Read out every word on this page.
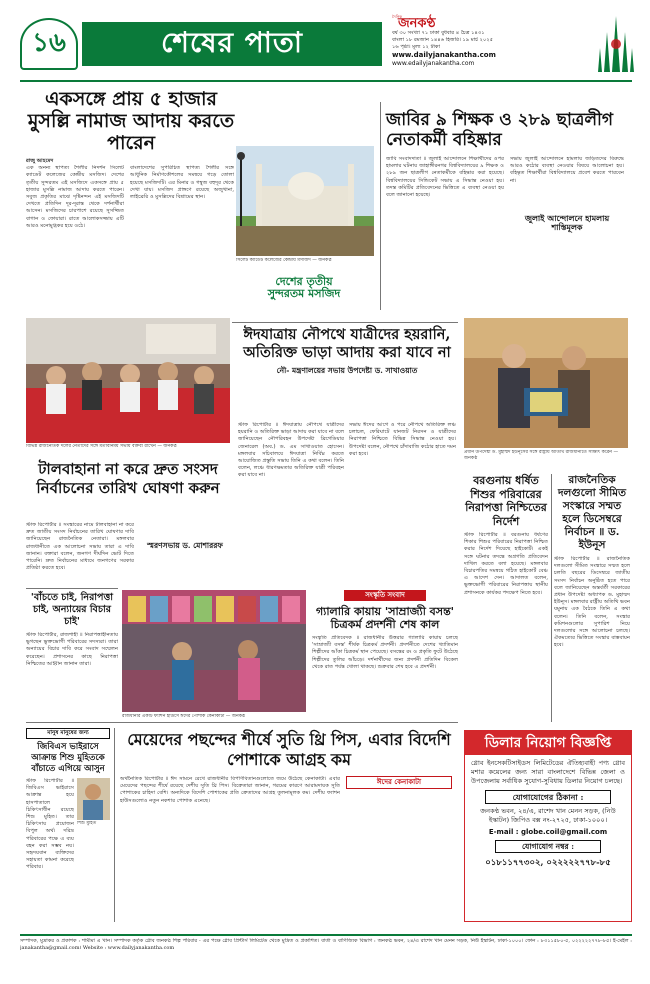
১৬	শেষের পাতা
দৈনিক
জনকণ্ঠ
বর্ষ ৩০ সংখ্যা ৭১ ঢাকা বুধবার ৪ চৈত্র ১৪৩১
বাংলা ১৮ রমজান ১৪৪৬ হিজরি। ১৯ মার্চ ২০২৫
১৬ পৃষ্ঠা। মূল্য ১২ টাকা
www.dailyjanakantha.com
www.edailyjanakantha.com
একসঙ্গে প্রায় ৫ হাজার মুসল্লি নামাজ আদায় করতে পারেন
রাজু আহমেদ
এক অনন্য স্থাপত্য শৈলীর নিদর্শন সিলেট ক্যাডেট কলেজের কেন্দ্রীয় মসজিদ। দেশের তৃতীয় সুন্দরতম এই মসজিদে একসঙ্গে প্রায় ৫ হাজার মুসল্লি নামাজ আদায় করতে পারেন। সবুজ প্রকৃতির মাঝে দৃষ্টিনন্দন এই মসজিদটি দেখতে প্রতিদিন দূর-দূরান্ত থেকে দর্শনার্থীরা আসেন। মসজিদের চারপাশে রয়েছে সুসজ্জিত বাগান ও ফোয়ারা। রাতে আলোকসজ্জায় এটি আরও মনোমুগ্ধকর হয়ে ওঠে।
বাংলাদেশের সুপরিচিত স্থাপত্য শৈলীর সঙ্গে আধুনিক নির্মাণকৌশলের সমন্বয়ে গড়ে তোলা হয়েছে মসজিদটি। এর মিনার ও গম্বুজ বহুদূর থেকে দেখা যায়। মসজিদ প্রাঙ্গণে রয়েছে অজুখানা, লাইব্রেরি ও মুসল্লিদের বিশ্রামের স্থান।
সিলেট ক্যাডেট কলেজের কেন্দ্রীয় মসজিদ — জনকণ্ঠ
দেশের তৃতীয়
সুন্দরতম মসজিদ
জাবির ৯ শিক্ষক ও ২৮৯ ছাত্রলীগ নেতাকর্মী বহিষ্কার
জাবি সংবাদদাতা ॥ জুলাই আন্দোলনে শিক্ষার্থীদের ওপর হামলার ঘটনায় জাহাঙ্গীরনগর বিশ্ববিদ্যালয়ের ৯ শিক্ষক ও ২৮৯ জন ছাত্রলীগ নেতাকর্মীকে বহিষ্কার করা হয়েছে। বিশ্ববিদ্যালয়ের সিন্ডিকেট সভায় এ সিদ্ধান্ত নেওয়া হয়। তদন্ত কমিটির প্রতিবেদনের ভিত্তিতে এ ব্যবস্থা নেওয়া হয় বলে জানানো হয়েছে।
সভায় জুলাই আন্দোলনে হামলায় জড়িতদের বিরুদ্ধে আরও কঠোর ব্যবস্থা নেওয়ার বিষয়ে আলোচনা হয়। বহিষ্কৃত শিক্ষার্থীরা বিশ্ববিদ্যালয়ে প্রবেশ করতে পারবেন না।
জুলাই আন্দোলনে হামলায় শাস্তিমূলক
ঈদযাত্রায় নৌপথে যাত্রীদের হয়রানি, অতিরিক্ত ভাড়া আদায় করা যাবে না
নৌ- মন্ত্রণালয়ের সভায় উপদেষ্টা ড. সাখাওয়াত
স্টাফ রিপোর্টার ॥ ঈদযাত্রায় নৌপথে যাত্রীদের হয়রানি ও অতিরিক্ত ভাড়া আদায় করা যাবে না বলে জানিয়েছেন নৌপরিবহন উপদেষ্টা ব্রিগেডিয়ার জেনারেল (অব.) ড. এম সাখাওয়াত হোসেন। মঙ্গলবার সচিবালয়ে ঈদযাত্রা নির্বিঘ্ন করতে আয়োজিত প্রস্তুতি সভায় তিনি এ কথা বলেন। তিনি বলেন, লঞ্চে ধারণক্ষমতার অতিরিক্ত যাত্রী পরিবহন করা যাবে না।
সভায় ঈদের আগে ও পরে নৌপথে অতিরিক্ত লঞ্চ চলাচল, ফেরিঘাটে যানজট নিরসন ও যাত্রীদের নিরাপত্তা নিশ্চিতে বিভিন্ন সিদ্ধান্ত নেওয়া হয়। উপদেষ্টা বলেন, নৌপথে চাঁদাবাজি কঠোর হাতে দমন করা হবে।
বিভিন্ন রাজনৈতিক দলের নেতাদের সঙ্গে মতবিনিময় সভায় বক্তব্য রাখেন — জনকণ্ঠ
টালবাহানা না করে দ্রুত সংসদ নির্বাচনের তারিখ ঘোষণা করুন
স্টাফ রিপোর্টার ॥ সংস্কারের নামে টালবাহানা না করে দ্রুত জাতীয় সংসদ নির্বাচনের তারিখ ঘোষণার দাবি জানিয়েছেন রাজনৈতিক নেতারা। মঙ্গলবার রাজধানীতে এক আলোচনা সভায় তারা এ দাবি জানান। বক্তারা বলেন, জনগণ দীর্ঘদিন ভোট দিতে পারেনি। দ্রুত নির্বাচনের মাধ্যমে জনগণের সরকার প্রতিষ্ঠা করতে হবে।
স্মরণসভায় ড. মোশাররফ
'বাঁচতে চাই, নিরাপত্তা চাই, অন্যায়ের বিচার চাই'
স্টাফ রিপোর্টার, রাজশাহী ॥ নিরাপত্তাহীনতায় ভুগছেন ভুক্তভোগী পরিবারের সদস্যরা। তারা অন্যায়ের বিচার দাবি করে সংবাদ সম্মেলন করেছেন। প্রশাসনের কাছে নিরাপত্তা নিশ্চিতের আহ্বান জানান তারা।
রাজধানীর একটি ফ্যাশন হাউসে ঈদের পোশাক কেনাকাটা — জনকণ্ঠ
সংস্কৃতি সংবাদ
গ্যালারি কায়ায় 'সাম্রাজ্যী বসন্ত' চিত্রকর্ম প্রদর্শনী শেষ কাল
সংস্কৃতি প্রতিবেদক ॥ রাজধানীর উত্তরার গ্যালারি কায়ায় চলছে 'সাম্রাজ্যী বসন্ত' শীর্ষক চিত্রকর্ম প্রদর্শনী। প্রদর্শনীতে দেশের খ্যাতিমান শিল্পীদের আঁকা চিত্রকর্ম স্থান পেয়েছে। বসন্তের রং ও প্রকৃতি ফুটে উঠেছে শিল্পীদের তুলির আঁচড়ে। দর্শনার্থীদের জন্য প্রদর্শনী প্রতিদিন বিকেল থেকে রাত পর্যন্ত খোলা থাকছে। শুক্রবার শেষ হবে এ প্রদর্শনী।
প্রধান উপদেষ্টা ড. মুহাম্মদ ইউনূসের সঙ্গে রাষ্ট্রীয় অতিথি রাজধানীতে সাক্ষাৎ করেন — জনকণ্ঠ
বরগুনায় ধর্ষিত শিশুর পরিবারের নিরাপত্তা নিশ্চিতের নির্দেশ
স্টাফ রিপোর্টার ॥ বরগুনায় ধর্ষণের শিকার শিশুর পরিবারের নিরাপত্তা নিশ্চিত করার নির্দেশ দিয়েছে হাইকোর্ট। একই সঙ্গে ঘটনার তদন্তে অগ্রগতি প্রতিবেদন দাখিল করতে বলা হয়েছে। মঙ্গলবার বিচারপতির সমন্বয়ে গঠিত হাইকোর্ট বেঞ্চ এ আদেশ দেন। আদালত বলেন, ভুক্তভোগী পরিবারের নিরাপত্তায় স্থানীয় প্রশাসনকে কার্যকর পদক্ষেপ নিতে হবে।
রাজনৈতিক দলগুলো সীমিত সংস্কারে সম্মত হলে ডিসেম্বরে নির্বাচন ॥ ড. ইউনূস
স্টাফ রিপোর্টার ॥ রাজনৈতিক দলগুলো সীমিত সংস্কারে সম্মত হলে চলতি বছরের ডিসেম্বরে জাতীয় সংসদ নির্বাচন অনুষ্ঠিত হতে পারে বলে জানিয়েছেন অন্তর্বর্তী সরকারের প্রধান উপদেষ্টা অধ্যাপক ড. মুহাম্মদ ইউনূস। মঙ্গলবার রাষ্ট্রীয় অতিথি ভবন যমুনায় এক বৈঠকে তিনি এ কথা বলেন। তিনি বলেন, সংস্কার কমিশনগুলোর সুপারিশ নিয়ে দলগুলোর সঙ্গে আলোচনা চলছে। ঐকমত্যের ভিত্তিতে সংস্কার বাস্তবায়ন হবে।
মানুষ মানুষের জন্য
জিবিএস ভাইরাসে আক্রান্ত শিশু মুহিতকে বাঁচাতে এগিয়ে আসুন
স্টাফ রিপোর্টার ॥ জিবিএস ভাইরাসে আক্রান্ত হয়ে হাসপাতালে চিকিৎসাধীন রয়েছে শিশু মুহিত। তার চিকিৎসায় প্রয়োজন বিপুল অর্থ। দরিদ্র পরিবারের পক্ষে এ ব্যয় বহন করা সম্ভব নয়। সহৃদয়বান ব্যক্তিদের সহায়তা কামনা করেছে পরিবার।
শিশু মুহিত
মেয়েদের পছন্দের শীর্ষে সুতি থ্রি পিস, এবার বিদেশি পোশাকে আগ্রহ কম
অর্থনৈতিক রিপোর্টার ॥ ঈদ সামনে রেখে রাজধানীর বিপণিবিতানগুলোতে জমে উঠেছে কেনাকাটা। এবার মেয়েদের পছন্দের শীর্ষে রয়েছে দেশীয় সুতি থ্রি পিস। বিক্রেতারা জানান, গরমের কারণে আরামদায়ক সুতি পোশাকের চাহিদা বেশি। অন্যদিকে বিদেশি পোশাকের প্রতি ক্রেতাদের আগ্রহ তুলনামূলক কম। দেশীয় ফ্যাশন হাউসগুলোও নতুন নকশার পোশাক এনেছে।
ঈদের কেনাকাটা
ডিলার নিয়োগ বিজ্ঞপ্তি
গ্লোব ইনসেকটিসাইডস লিমিটেডের ঐতিহ্যবাহী পণ্য গ্লোব মশার কয়েলের জন্য সারা বাংলাদেশে বিভিন্ন জেলা ও উপজেলায় সর্বাধিক সুযোগ-সুবিধায় ডিলার নিয়োগ চলছে।
যোগাযোগের ঠিকানা :
জনকণ্ঠ ভবন, ২৪/এ, রাশেদ খান মেনন সড়ক, (নিউ ইস্কাটন) জিপিও বক্স নং-২৭২৫, ঢাকা-১০০০।
E-mail : globe.coil@gmail.com
যোগাযোগ নম্বর :
০১৮১১৭৭৩০২, ০২২২২২৭৭৮-৮৫
সম্পাদক, মুদ্রাকর ও প্রকাশক : শামীমা এ খান। সম্পাদক কর্তৃক গ্লোব জনকণ্ঠ শিল্প পরিবার - এর পক্ষে গ্লোব প্রিন্টার্স লিমিটেড থেকে মুদ্রিত ও প্রকাশিত। বার্তা ও বাণিজ্যিক বিভাগ : জনকণ্ঠ ভবন, ২৪/এ রাশেদ খান মেনন সড়ক, নিউ ইস্কাটন, ঢাকা-১০০০। ফোন : ৮৩১১৫৮০-৫, ০২২২২২৭৭৮-৮৫। ই-মেইল : janakantha@gmail.com। Website : www.dailyjanakantha.com
